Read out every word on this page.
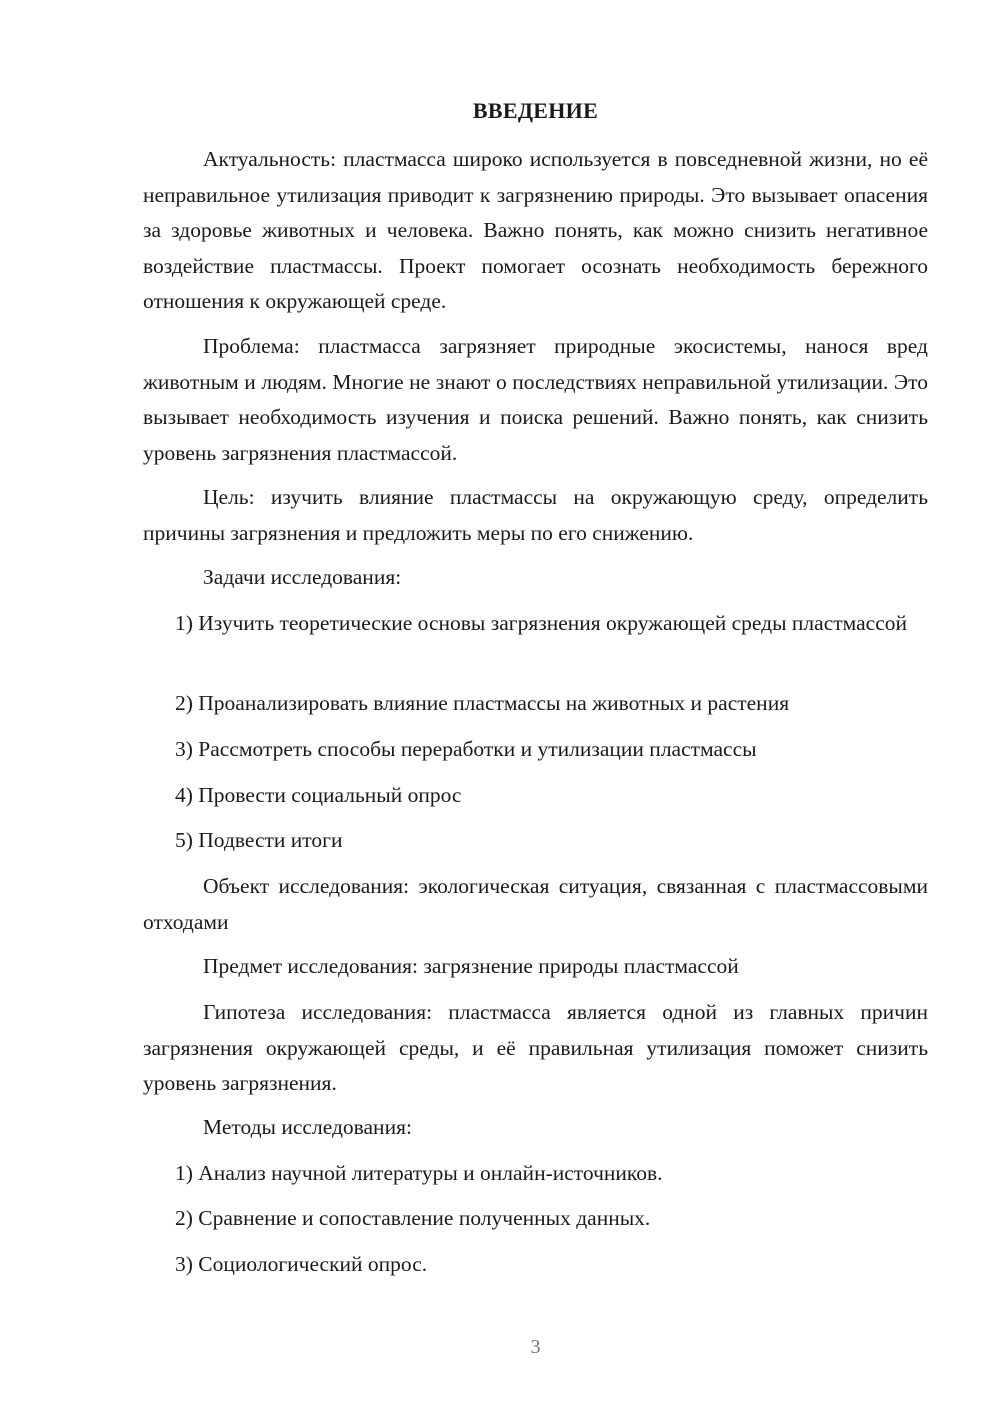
ВВЕДЕНИЕ
Актуальность: пластмасса широко используется в повседневной жизни, но её неправильное утилизация приводит к загрязнению природы. Это вызывает опасения за здоровье животных и человека. Важно понять, как можно снизить негативное воздействие пластмассы. Проект помогает осознать необходимость бережного отношения к окружающей среде.
Проблема: пластмасса загрязняет природные экосистемы, нанося вред животным и людям. Многие не знают о последствиях неправильной утилизации. Это вызывает необходимость изучения и поиска решений. Важно понять, как снизить уровень загрязнения пластмассой.
Цель: изучить влияние пластмассы на окружающую среду, определить причины загрязнения и предложить меры по его снижению.
Задачи исследования:
1) Изучить теоретические основы загрязнения окружающей среды пластмассой
2) Проанализировать влияние пластмассы на животных и растения
3) Рассмотреть способы переработки и утилизации пластмассы
4) Провести социальный опрос
5) Подвести итоги
Объект исследования: экологическая ситуация, связанная с пластмассовыми отходами
Предмет исследования: загрязнение природы пластмассой
Гипотеза исследования: пластмасса является одной из главных причин загрязнения окружающей среды, и её правильная утилизация поможет снизить уровень загрязнения.
Методы исследования:
1) Анализ научной литературы и онлайн-источников.
2) Сравнение и сопоставление полученных данных.
3) Социологический опрос.
3
